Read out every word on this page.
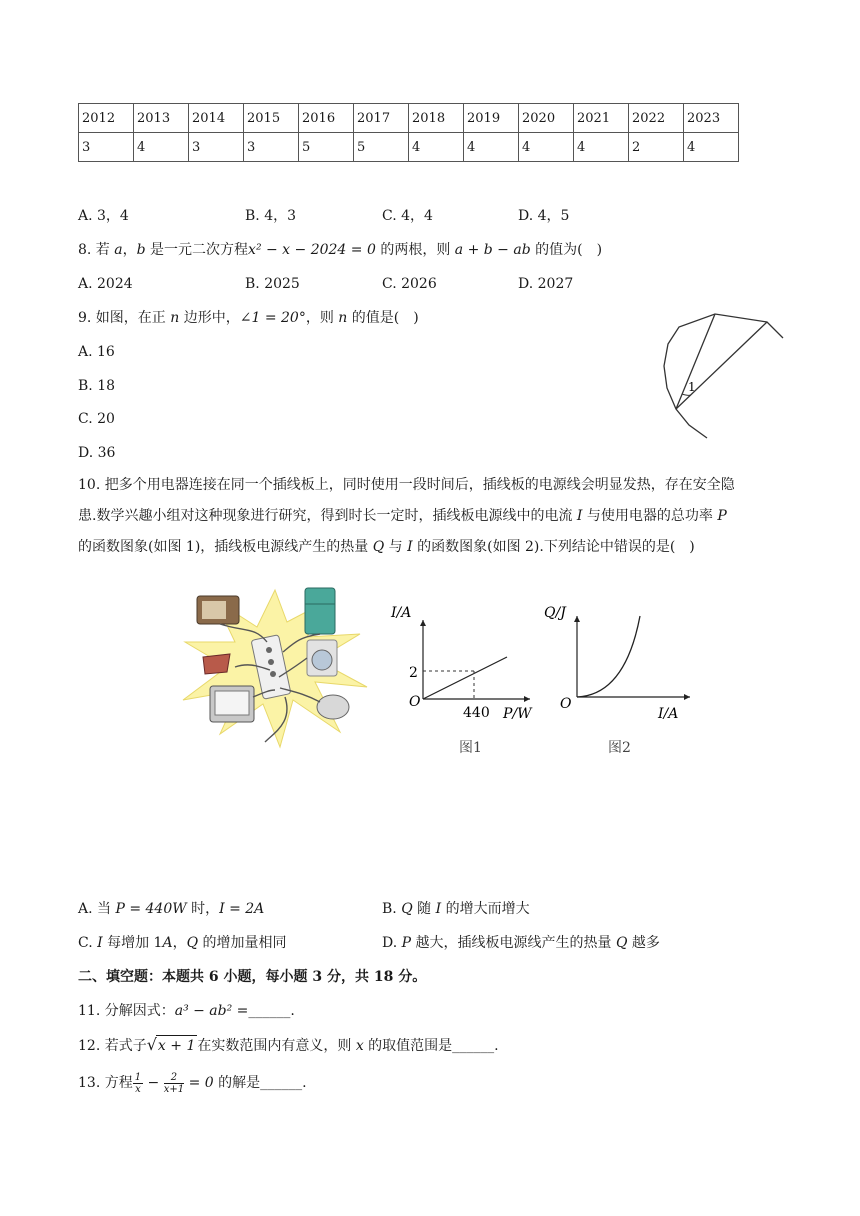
2012	2013	2014	2015	2016	2017	2018	2019	2020	2021	2022	2023
3	4	3	3	5	5	4	4	4	4	2	4
A. 3，4	B. 4，3	C. 4，4	D. 4，5
8. 若 a，b 是一元二次方程x² − x − 2024 = 0 的两根，则 a + b − ab 的值为(　)
A. 2024	B. 2025	C. 2026	D. 2027
9. 如图，在正 n 边形中，∠1 = 20°，则 n 的值是(　)
A. 16
B. 18
C. 20
D. 36
1
10. 把多个用电器连接在同一个插线板上，同时使用一段时间后，插线板的电源线会明显发热，存在安全隐
患.数学兴趣小组对这种现象进行研究，得到时长一定时，插线板电源线中的电流 I 与使用电器的总功率 P
的函数图象(如图 1)，插线板电源线产生的热量 Q 与 I 的函数图象(如图 2).下列结论中错误的是(　)
I/A
P/W
O
2
440
图1
Q/J
I/A
O
图2
A. 当 P = 440W 时，I = 2A	B. Q 随 I 的增大而增大
C. I 每增加 1A，Q 的增加量相同	D. P 越大，插线板电源线产生的热量 Q 越多
二、填空题：本题共 6 小题，每小题 3 分，共 18 分。
11. 分解因式：a³ − ab² =______.
12. 若式子√x + 1 在实数范围内有意义，则 x 的取值范围是______.
13. 方程 $\frac{1}{x} - \frac{2}{x+1} = 0$ 的解是______.
